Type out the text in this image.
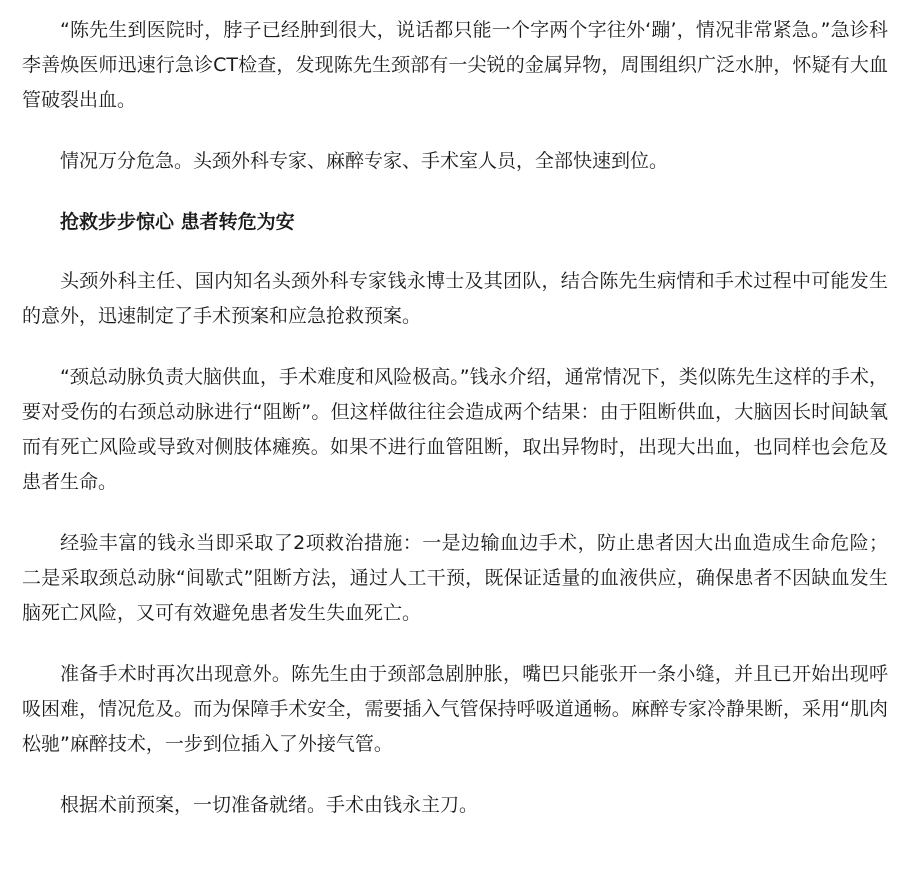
“陈先生到医院时，脖子已经肿到很大，说话都只能一个字两个字往外‘蹦’，情况非常紧急。”急诊科李善焕医师迅速行急诊CT检查，发现陈先生颈部有一尖锐的金属异物，周围组织广泛水肿，怀疑有大血管破裂出血。

情况万分危急。头颈外科专家、麻醉专家、手术室人员，全部快速到位。

抢救步步惊心 患者转危为安

头颈外科主任、国内知名头颈外科专家钱永博士及其团队，结合陈先生病情和手术过程中可能发生的意外，迅速制定了手术预案和应急抢救预案。

“颈总动脉负责大脑供血，手术难度和风险极高。”钱永介绍，通常情况下，类似陈先生这样的手术，要对受伤的右颈总动脉进行“阻断”。但这样做往往会造成两个结果：由于阻断供血，大脑因长时间缺氧而有死亡风险或导致对侧肢体瘫痪。如果不进行血管阻断，取出异物时，出现大出血，也同样也会危及患者生命。

经验丰富的钱永当即采取了2项救治措施：一是边输血边手术，防止患者因大出血造成生命危险；二是采取颈总动脉“间歇式”阻断方法，通过人工干预，既保证适量的血液供应，确保患者不因缺血发生脑死亡风险，又可有效避免患者发生失血死亡。

准备手术时再次出现意外。陈先生由于颈部急剧肿胀，嘴巴只能张开一条小缝，并且已开始出现呼吸困难，情况危及。而为保障手术安全，需要插入气管保持呼吸道通畅。麻醉专家冷静果断，采用“肌肉松驰”麻醉技术，一步到位插入了外接气管。

根据术前预案，一切准备就绪。手术由钱永主刀。
